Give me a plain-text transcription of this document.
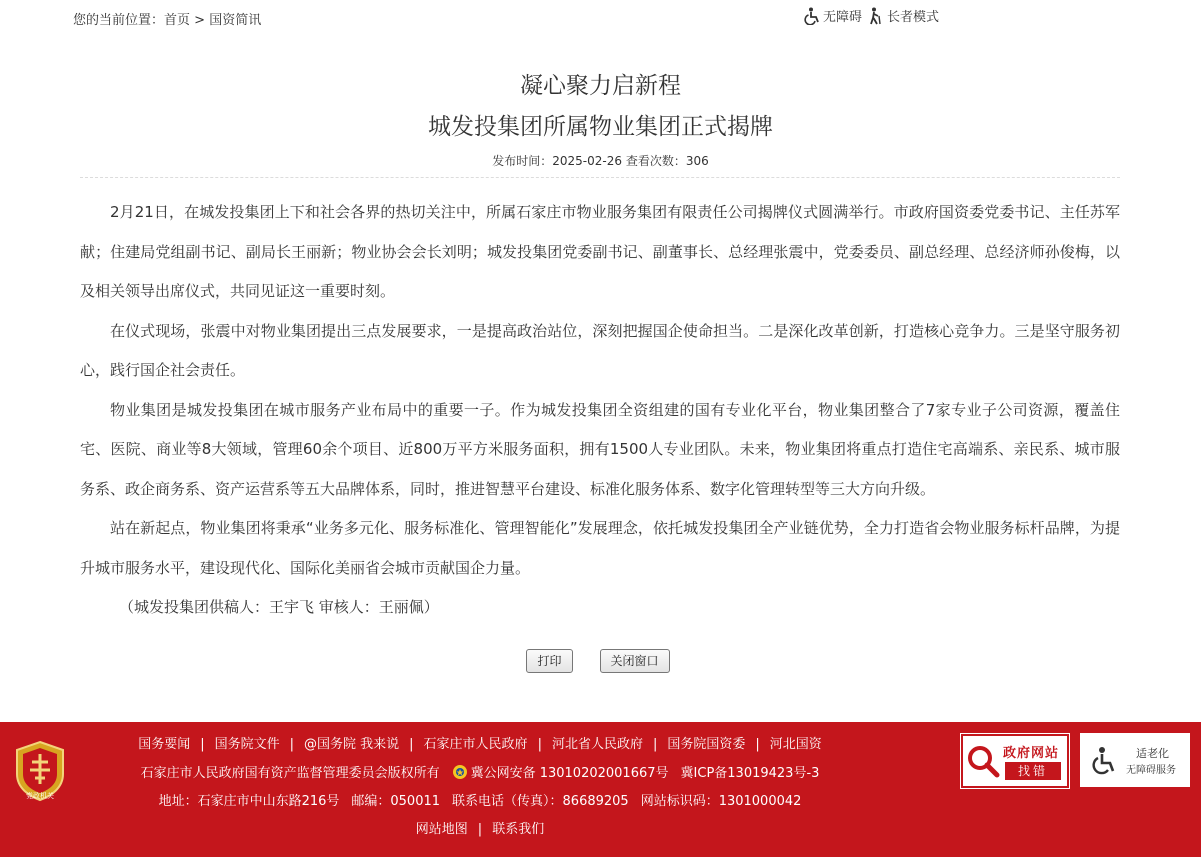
您的当前位置：首页 > 国资简讯	无障碍 长者模式
凝心聚力启新程
城发投集团所属物业集团正式揭牌
发布时间：2025-02-26 查看次数：306

2月21日，在城发投集团上下和社会各界的热切关注中，所属石家庄市物业服务集团有限责任公司揭牌仪式圆满举行。市政府国资委党委书记、主任苏军献；住建局党组副书记、副局长王丽新；物业协会会长刘明；城发投集团党委副书记、副董事长、总经理张震中，党委委员、副总经理、总经济师孙俊梅，以及相关领导出席仪式，共同见证这一重要时刻。

在仪式现场，张震中对物业集团提出三点发展要求，一是提高政治站位，深刻把握国企使命担当。二是深化改革创新，打造核心竞争力。三是坚守服务初心，践行国企社会责任。

物业集团是城发投集团在城市服务产业布局中的重要一子。作为城发投集团全资组建的国有专业化平台，物业集团整合了7家专业子公司资源，覆盖住宅、医院、商业等8大领域，管理60余个项目、近800万平方米服务面积，拥有1500人专业团队。未来，物业集团将重点打造住宅高端系、亲民系、城市服务系、政企商务系、资产运营系等五大品牌体系，同时，推进智慧平台建设、标准化服务体系、数字化管理转型等三大方向升级。

站在新起点，物业集团将秉承“业务多元化、服务标准化、管理智能化”发展理念，依托城发投集团全产业链优势，全力打造省会物业服务标杆品牌，为提升城市服务水平，建设现代化、国际化美丽省会城市贡献国企力量。

（城发投集团供稿人：王宇飞 审核人：王丽佩）

打印	关闭窗口
党政机关
国务要闻 | 国务院文件 | @国务院 我来说 | 石家庄市人民政府 | 河北省人民政府 | 国务院国资委 | 河北国资
石家庄市人民政府国有资产监督管理委员会版权所有 冀公网安备 13010202001667号 冀ICP备13019423号-3
地址：石家庄市中山东路216号 邮编：050011 联系电话（传真）：86689205 网站标识码：1301000042
网站地图 | 联系我们
政府网站
找错
适老化
无障碍服务
